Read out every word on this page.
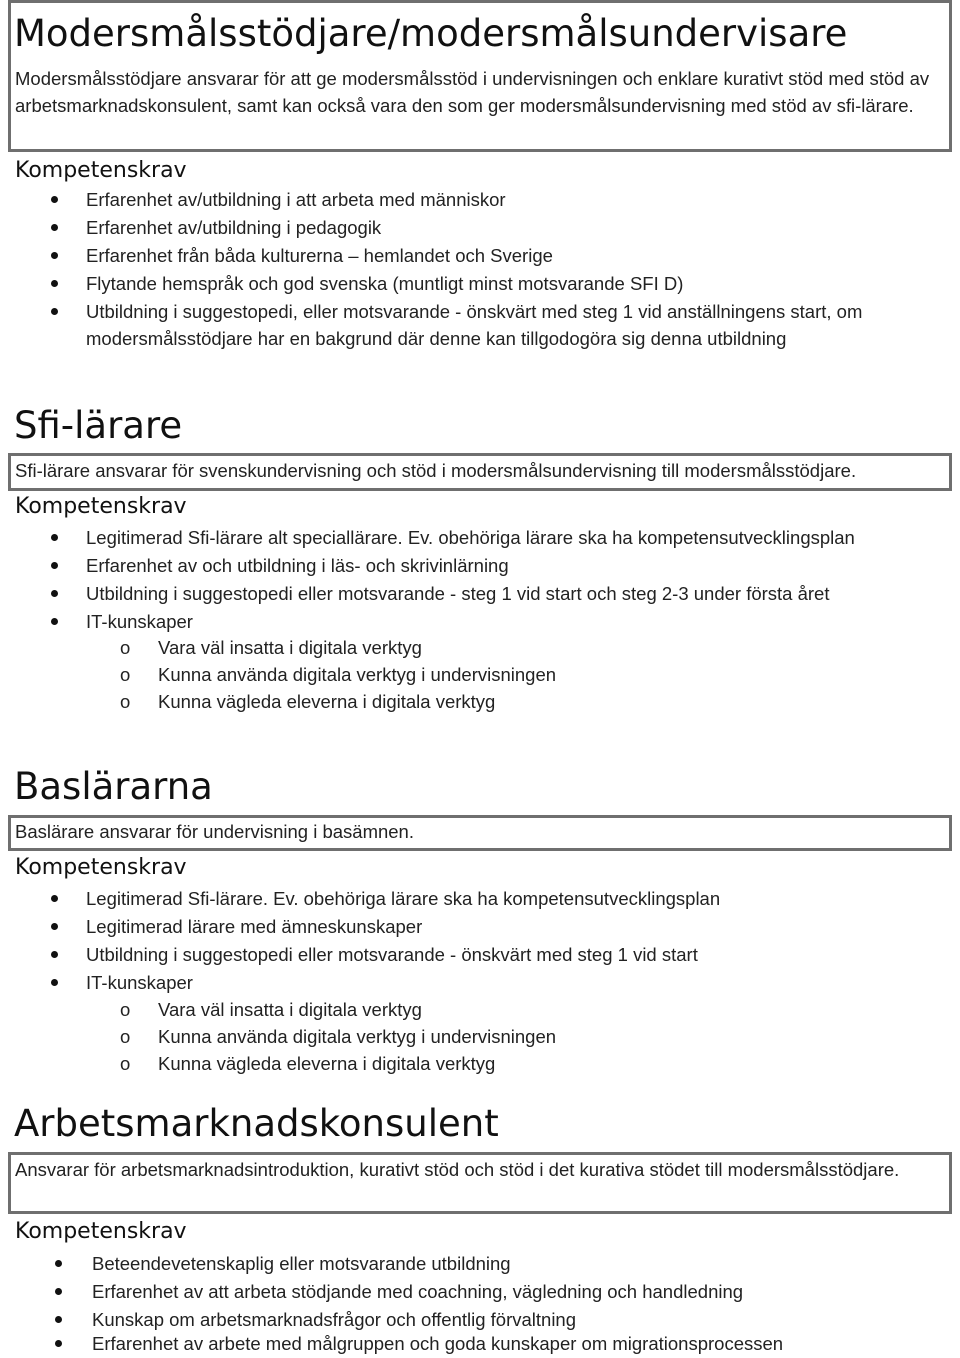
Modersmålsstödjare/modersmålsundervisare

Modersmålsstödjare ansvarar för att ge modersmålsstöd i undervisningen och enklare kurativt stöd med stöd av arbetsmarknadskonsulent, samt kan också vara den som ger modersmålsundervisning med stöd av sfi-lärare.

Kompetenskrav
Erfarenhet av/utbildning i att arbeta med människor
Erfarenhet av/utbildning i pedagogik
Erfarenhet från båda kulturerna – hemlandet och Sverige
Flytande hemspråk och god svenska (muntligt minst motsvarande SFI D)
Utbildning i suggestopedi, eller motsvarande - önskvärt med steg 1 vid anställningens start, om modersmålsstödjare har en bakgrund där denne kan tillgodogöra sig denna utbildning
Sfi-lärare

Sfi-lärare ansvarar för svenskundervisning och stöd i modersmålsundervisning till modersmålsstödjare.

Kompetenskrav
Legitimerad Sfi-lärare alt speciallärare. Ev. obehöriga lärare ska ha kompetensutvecklingsplan
Erfarenhet av och utbildning i läs- och skrivinlärning
Utbildning i suggestopedi eller motsvarande - steg 1 vid start och steg 2-3 under första året
IT-kunskaper
o Vara väl insatta i digitala verktyg
o Kunna använda digitala verktyg i undervisningen
o Kunna vägleda eleverna i digitala verktyg
Baslärarna

Baslärare ansvarar för undervisning i basämnen.

Kompetenskrav
Legitimerad Sfi-lärare. Ev. obehöriga lärare ska ha kompetensutvecklingsplan
Legitimerad lärare med ämneskunskaper
Utbildning i suggestopedi eller motsvarande - önskvärt med steg 1 vid start
IT-kunskaper
o Vara väl insatta i digitala verktyg
o Kunna använda digitala verktyg i undervisningen
o Kunna vägleda eleverna i digitala verktyg
Arbetsmarknadskonsulent

Ansvarar för arbetsmarknadsintroduktion, kurativt stöd och stöd i det kurativa stödet till modersmålsstödjare.

Kompetenskrav
Beteendevetenskaplig eller motsvarande utbildning
Erfarenhet av att arbeta stödjande med coachning, vägledning och handledning
Kunskap om arbetsmarknadsfrågor och offentlig förvaltning
Erfarenhet av arbete med målgruppen och goda kunskaper om migrationsprocessen
